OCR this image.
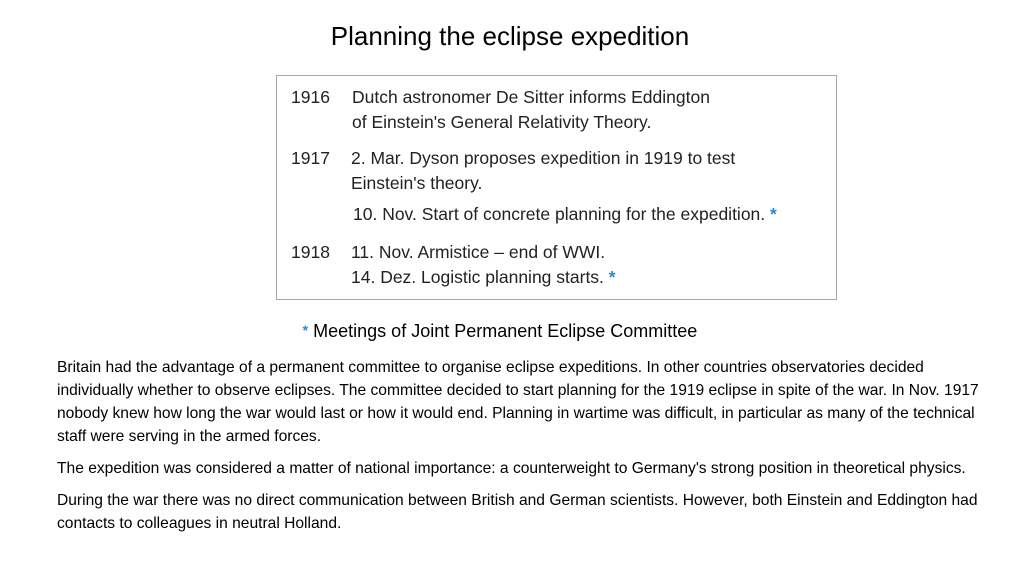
Planning the eclipse expedition
1916 Dutch astronomer De Sitter informs Eddington
of Einstein's General Relativity Theory.
1917 2. Mar. Dyson proposes expedition in 1919 to test
Einstein's theory.
10. Nov. Start of concrete planning for the expedition. *
1918 11. Nov. Armistice – end of WWI.
14. Dez. Logistic planning starts. *
* Meetings of Joint Permanent Eclipse Committee

Britain had the advantage of a permanent committee to organise eclipse expeditions. In other countries observatories decided individually whether to observe eclipses. The committee decided to start planning for the 1919 eclipse in spite of the war. In Nov. 1917 nobody knew how long the war would last or how it would end. Planning in wartime was difficult, in particular as many of the technical staff were serving in the armed forces.

The expedition was considered a matter of national importance: a counterweight to Germany's strong position in theoretical physics.

During the war there was no direct communication between British and German scientists. However, both Einstein and Eddington had contacts to colleagues in neutral Holland.
